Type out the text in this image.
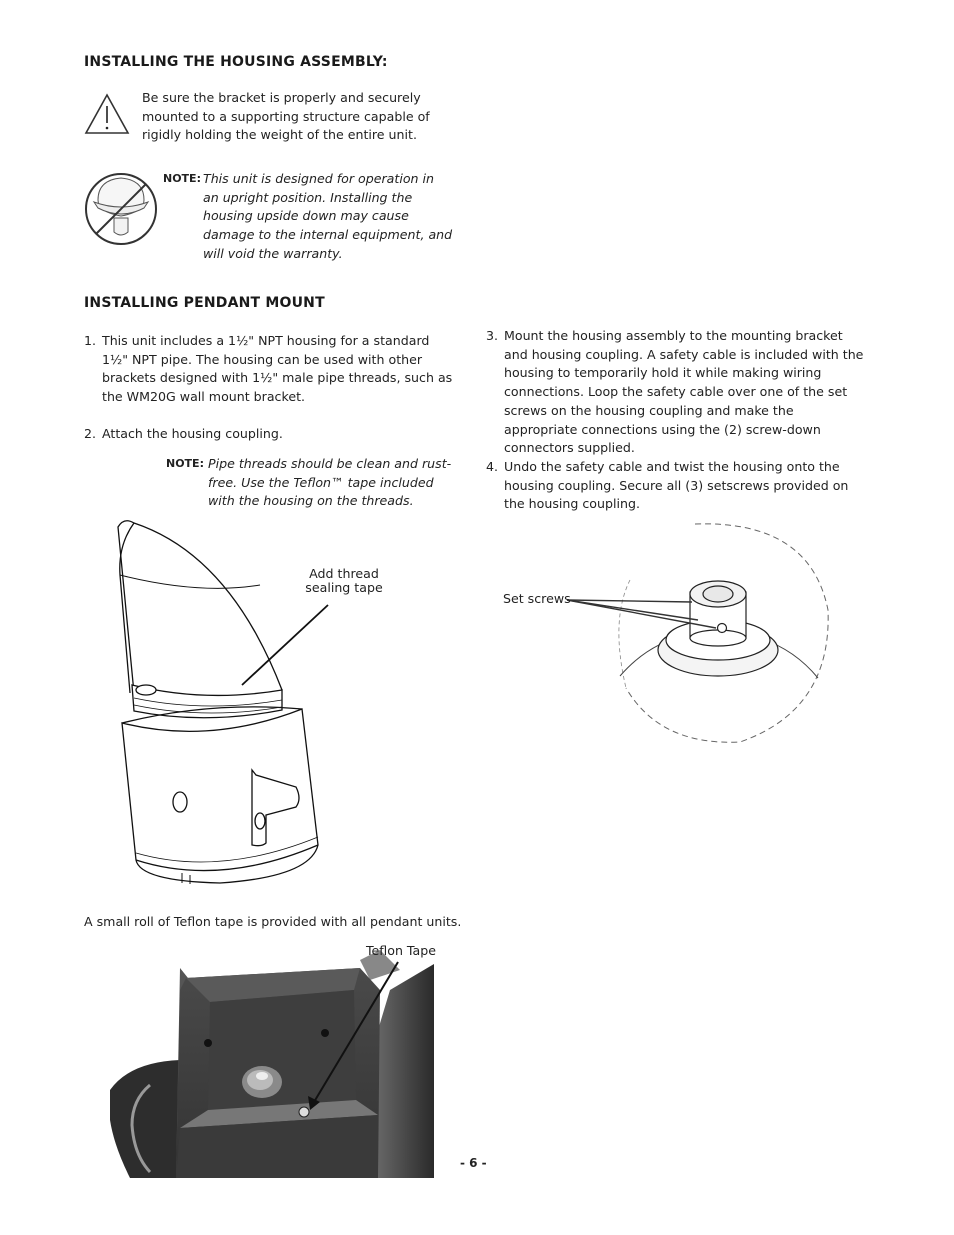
INSTALLING THE HOUSING ASSEMBLY:
Be sure the bracket is properly and securely mounted to a supporting structure capable of rigidly holding the weight of the entire unit.
NOTE: This unit is designed for operation in an upright position. Installing the housing upside down may cause damage to the internal equipment, and will void the warranty.
INSTALLING PENDANT MOUNT
1. This unit includes a 1½" NPT housing for a standard 1½" NPT pipe. The housing can be used with other brackets designed with 1½" male pipe threads, such as the WM20G wall mount bracket.
2. Attach the housing coupling.
NOTE: Pipe threads should be clean and rust-free. Use the Teflon™ tape included with the housing on the threads.
3. Mount the housing assembly to the mounting bracket and housing coupling. A safety cable is included with the housing to temporarily hold it while making wiring connections. Loop the safety cable over one of the set screws on the housing coupling and make the appropriate connections using the (2) screw-down connectors supplied.
4. Undo the safety cable and twist the housing onto the housing coupling. Secure all (3) setscrews provided on the housing coupling.
Add thread sealing tape
Set screws
A small roll of Teflon tape is provided with all pendant units.
Teflon Tape
- 6 -
